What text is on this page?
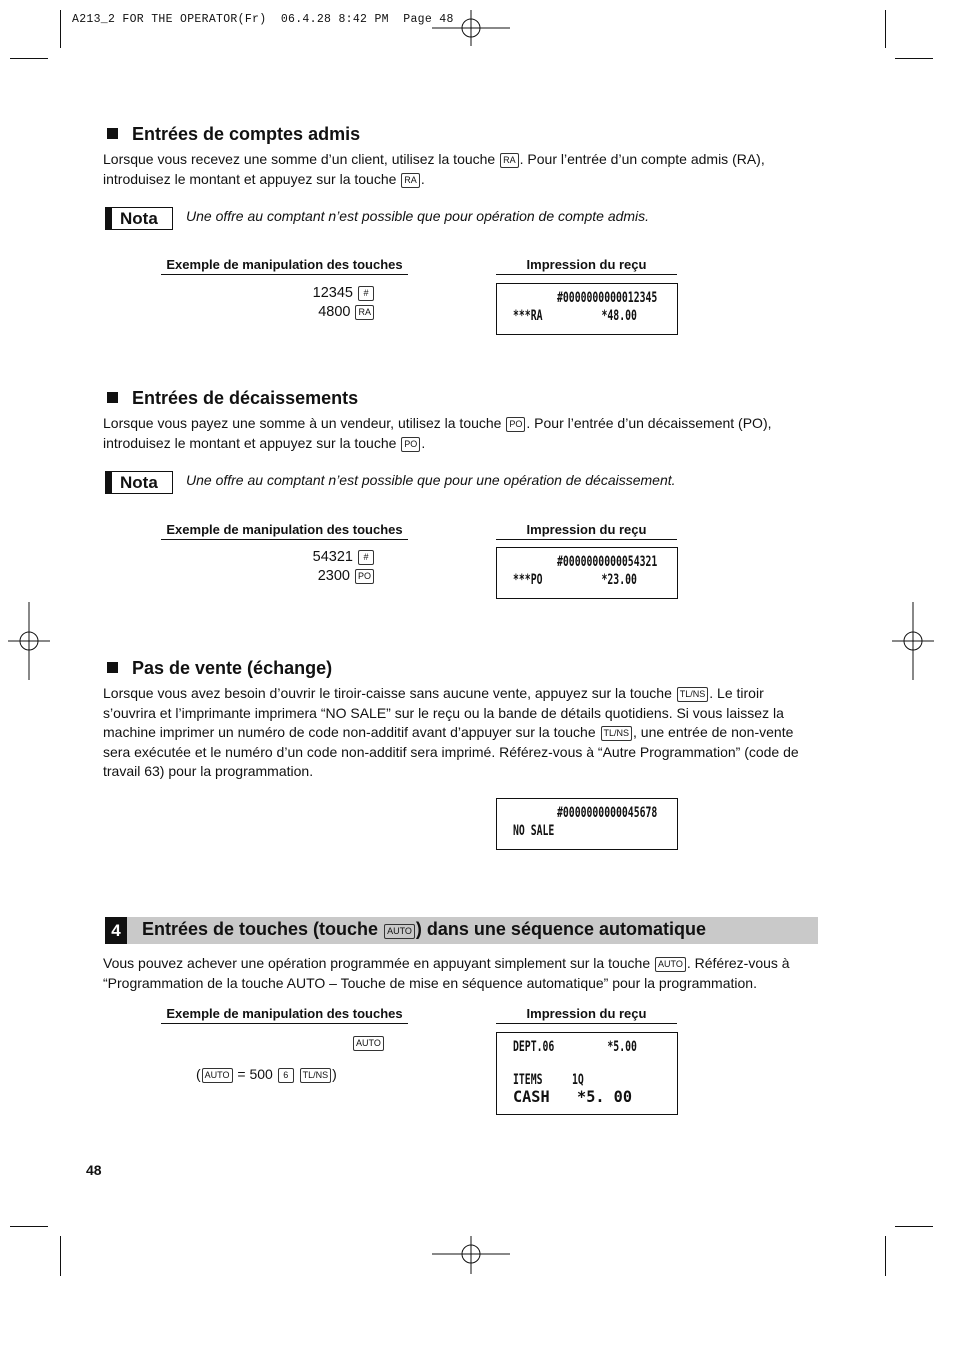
A213_2 FOR THE OPERATOR(Fr)  06.4.28 8:42 PM  Page 48
Entrées de comptes admis
Lorsque vous recevez une somme d’un client, utilisez la touche RA . Pour l’entrée d’un compte admis (RA),
introduisez le montant et appuyez sur la touche RA .
Nota	Une offre au comptant n’est possible que pour opération de compte admis.
Exemple de manipulation des touches	Impression du reçu
12345 #
4800 RA
#0000000000012345
***RA          *48.00
Entrées de décaissements
Lorsque vous payez une somme à un vendeur, utilisez la touche PO . Pour l’entrée d’un décaissement (PO),
introduisez le montant et appuyez sur la touche PO .
Nota	Une offre au comptant n’est possible que pour une opération de décaissement.
Exemple de manipulation des touches	Impression du reçu
54321 #
2300 PO
#0000000000054321
***PO          *23.00
Pas de vente (échange)
Lorsque vous avez besoin d’ouvrir le tiroir-caisse sans aucune vente, appuyez sur la touche TL/NS . Le tiroir
s’ouvrira et l’imprimante imprimera “NO SALE” sur le reçu ou la bande de détails quotidiens. Si vous laissez la
machine imprimer un numéro de code non-additif avant d’appuyer sur la touche TL/NS , une entrée de non-vente
sera exécutée et le numéro d’un code non-additif sera imprimé. Référez-vous à “Autre Programmation” (code de
travail 63) pour la programmation.
#0000000000045678
NO SALE
4	Entrées de touches (touche AUTO ) dans une séquence automatique
Vous pouvez achever une opération programmée en appuyant simplement sur la touche AUTO . Référez-vous à
“Programmation de la touche AUTO – Touche de mise en séquence automatique” pour la programmation.
Exemple de manipulation des touches	Impression du reçu
AUTO
( AUTO = 500 6 TL/NS )
DEPT.06         *5.00
ITEMS     1Q
CASH   *5. 00
48
